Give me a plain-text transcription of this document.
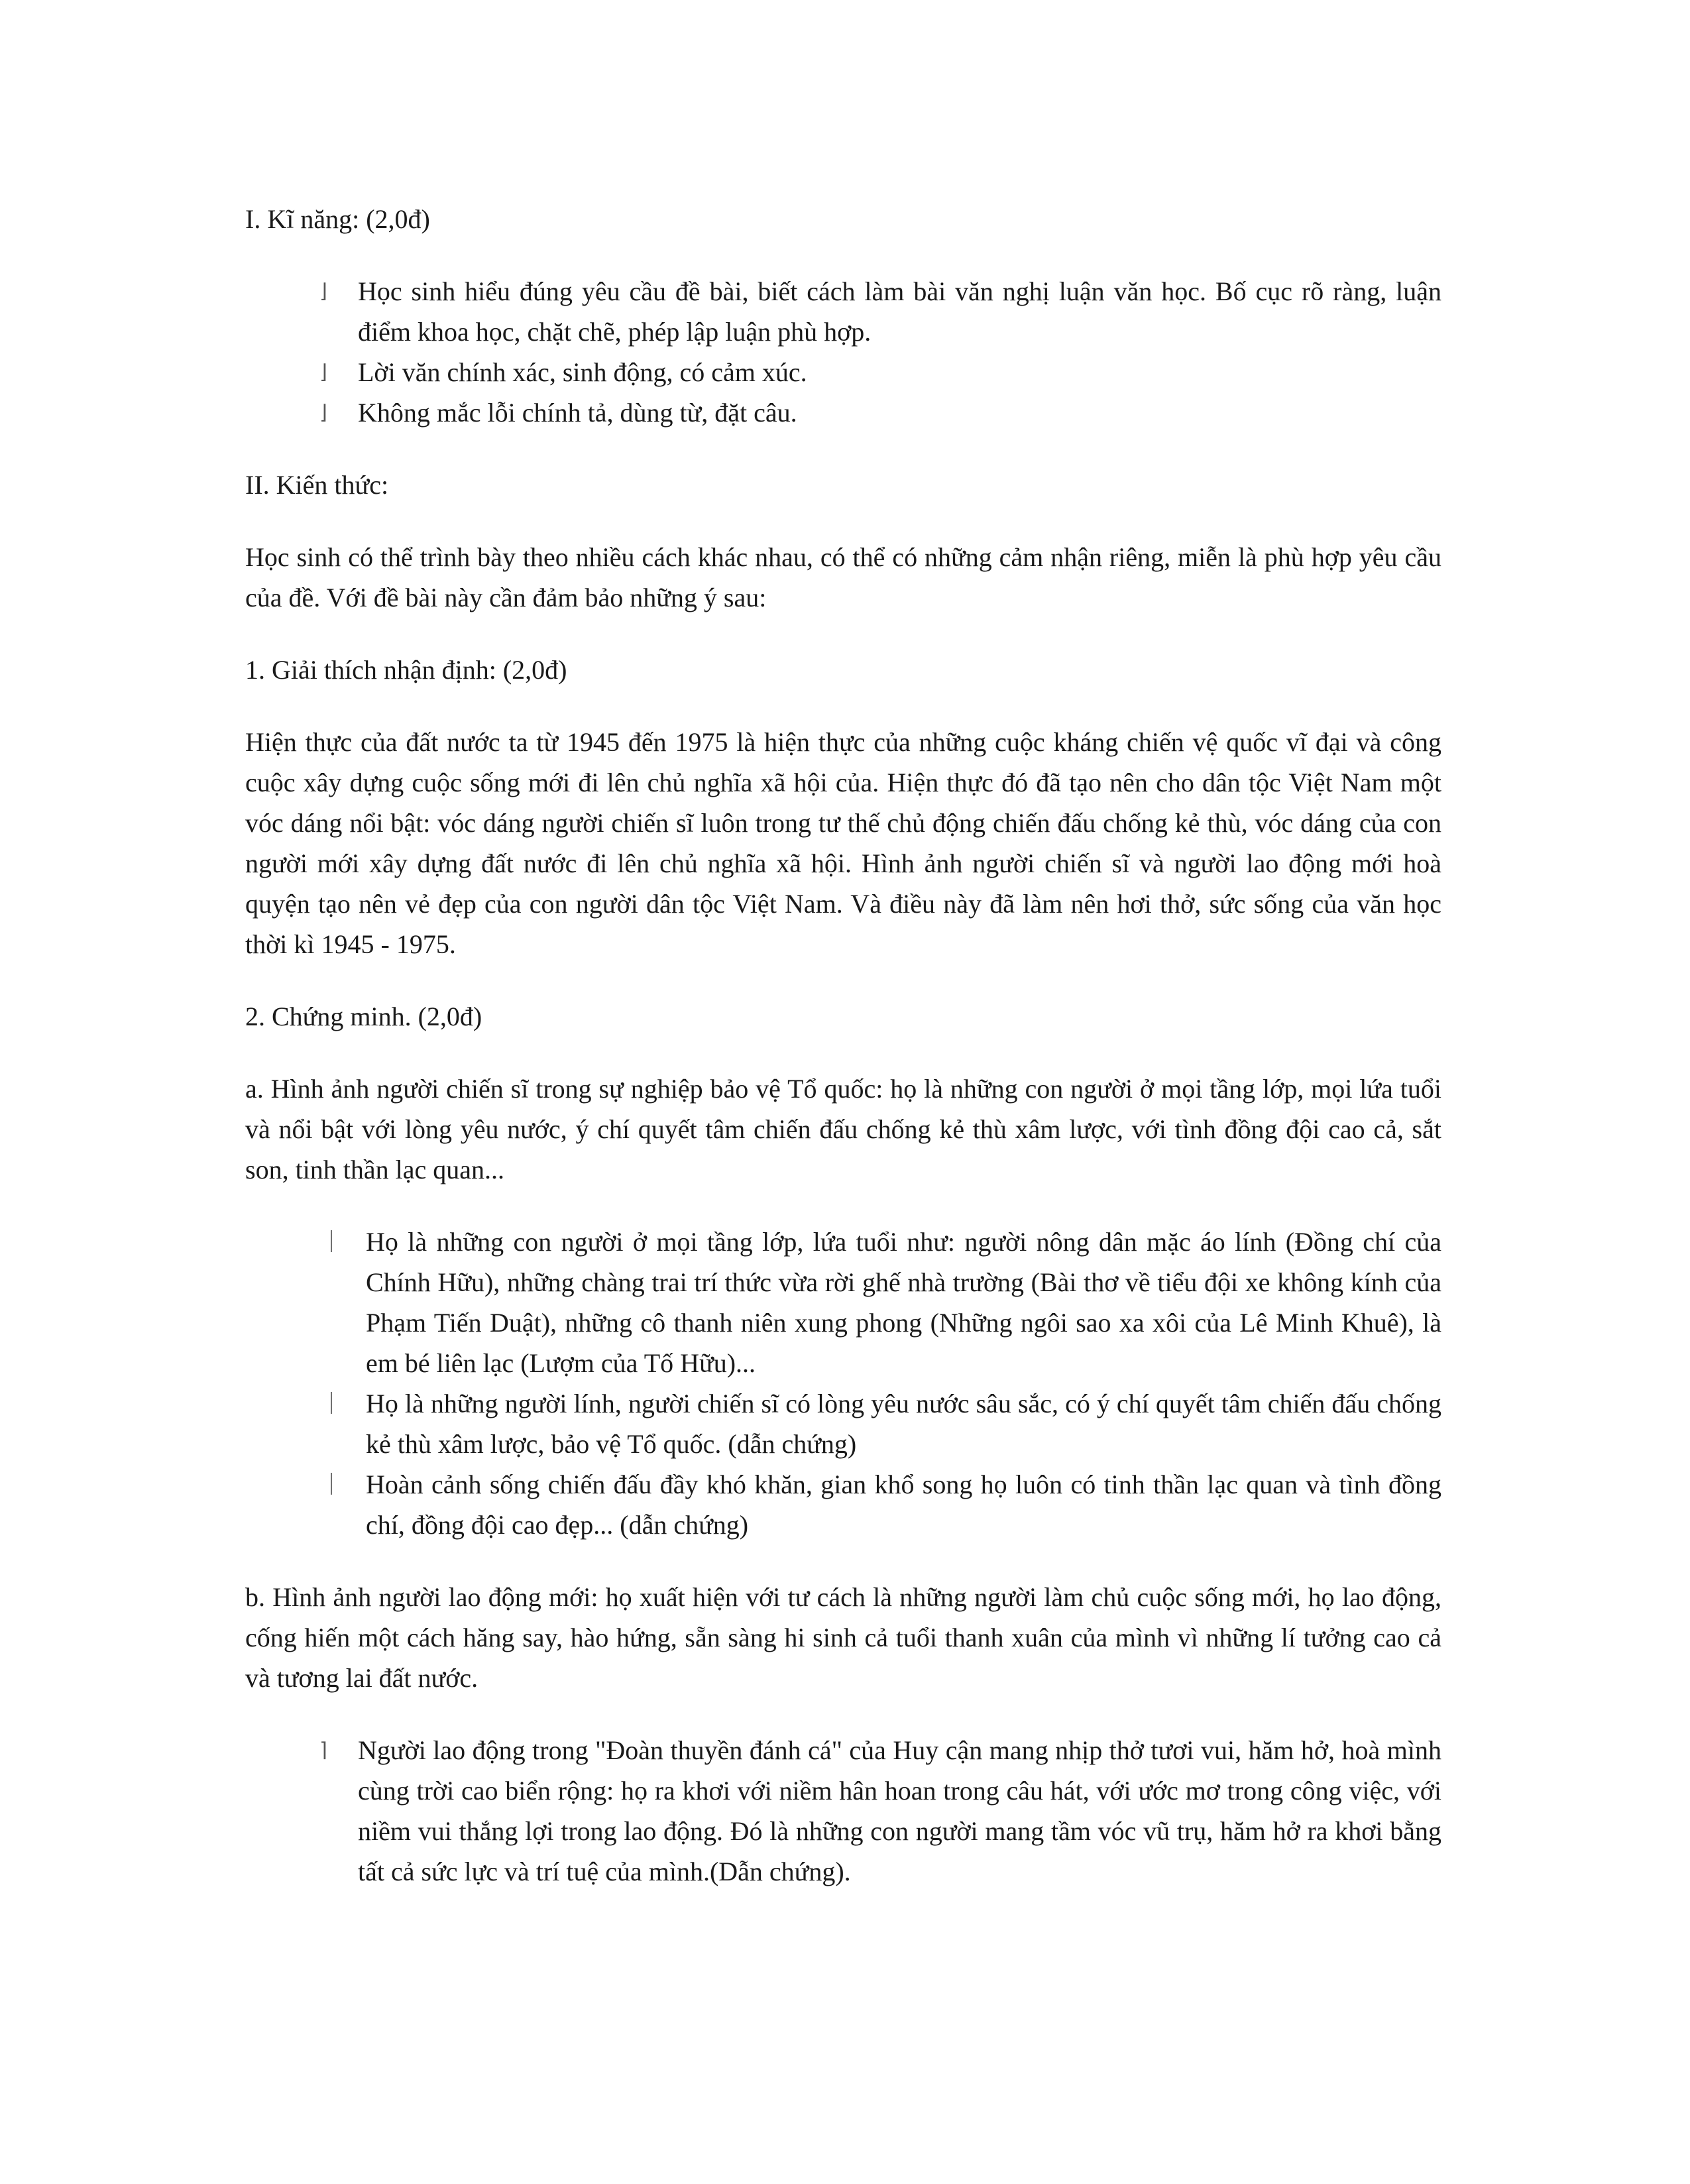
I. Kĩ năng: (2,0đ)

⌋	Học sinh hiểu đúng yêu cầu đề bài, biết cách làm bài văn nghị luận văn học. Bố cục rõ ràng, luận điểm khoa học, chặt chẽ, phép lập luận phù hợp.
⌋	Lời văn chính xác, sinh động, có cảm xúc.
⌋	Không mắc lỗi chính tả, dùng từ, đặt câu.

II. Kiến thức:

Học sinh có thể trình bày theo nhiều cách khác nhau, có thể có những cảm nhận riêng, miễn là phù hợp yêu cầu của đề. Với đề bài này cần đảm bảo những ý sau:

1. Giải thích nhận định: (2,0đ)

Hiện thực của đất nước ta từ 1945 đến 1975 là hiện thực của những cuộc kháng chiến vệ quốc vĩ đại và công cuộc xây dựng cuộc sống mới đi lên chủ nghĩa xã hội của. Hiện thực đó đã tạo nên cho dân tộc Việt Nam một vóc dáng nổi bật: vóc dáng người chiến sĩ luôn trong tư thế chủ động chiến đấu chống kẻ thù, vóc dáng của con người mới xây dựng đất nước đi lên chủ nghĩa xã hội. Hình ảnh người chiến sĩ và người lao động mới hoà quyện tạo nên vẻ đẹp của con người dân tộc Việt Nam. Và điều này đã làm nên hơi thở, sức sống của văn học thời kì 1945 - 1975.

2. Chứng minh. (2,0đ)

a. Hình ảnh người chiến sĩ trong sự nghiệp bảo vệ Tổ quốc: họ là những con người ở mọi tầng lớp, mọi lứa tuổi và nổi bật với lòng yêu nước, ý chí quyết tâm chiến đấu chống kẻ thù xâm lược, với tình đồng đội cao cả, sắt son, tinh thần lạc quan...

⏐	Họ là những con người ở mọi tầng lớp, lứa tuổi như: người nông dân mặc áo lính (Đồng chí của Chính Hữu), những chàng trai trí thức vừa rời ghế nhà trường (Bài thơ về tiểu đội xe không kính của Phạm Tiến Duật), những cô thanh niên xung phong (Những ngôi sao xa xôi của Lê Minh Khuê), là em bé liên lạc (Lượm của Tố Hữu)...
⏐	Họ là những người lính, người chiến sĩ có lòng yêu nước sâu sắc, có ý chí quyết tâm chiến đấu chống kẻ thù xâm lược, bảo vệ Tổ quốc. (dẫn chứng)
⏐	Hoàn cảnh sống chiến đấu đầy khó khăn, gian khổ song họ luôn có tinh thần lạc quan và tình đồng chí, đồng đội cao đẹp... (dẫn chứng)

b. Hình ảnh người lao động mới: họ xuất hiện với tư cách là những người làm chủ cuộc sống mới, họ lao động, cống hiến một cách hăng say, hào hứng, sẵn sàng hi sinh cả tuổi thanh xuân của mình vì những lí tưởng cao cả và tương lai đất nước.

⌉	Người lao động trong "Đoàn thuyền đánh cá" của Huy cận mang nhịp thở tươi vui, hăm hở, hoà mình cùng trời cao biển rộng: họ ra khơi với niềm hân hoan trong câu hát, với ước mơ trong công việc, với niềm vui thắng lợi trong lao động. Đó là những con người mang tầm vóc vũ trụ, hăm hở ra khơi bằng tất cả sức lực và trí tuệ của mình.(Dẫn chứng).
